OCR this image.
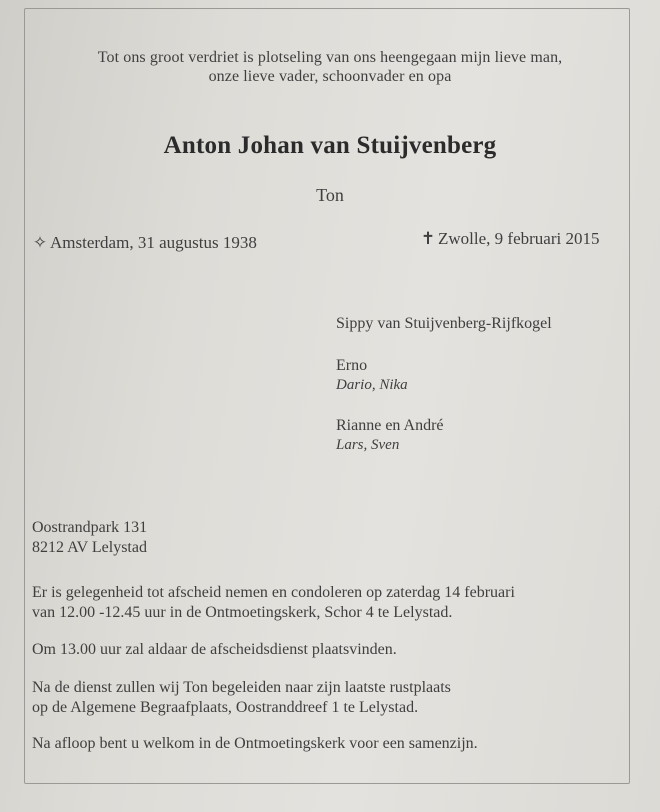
Tot ons groot verdriet is plotseling van ons heengegaan mijn lieve man,
onze lieve vader, schoonvader en opa
Anton Johan van Stuijvenberg
Ton
✧ Amsterdam, 31 augustus 1938	✝ Zwolle, 9 februari 2015
Sippy van Stuijvenberg-Rijfkogel
Erno
Dario, Nika
Rianne en André
Lars, Sven
Oostrandpark 131
8212 AV Lelystad
Er is gelegenheid tot afscheid nemen en condoleren op zaterdag 14 februari
van 12.00 -12.45 uur in de Ontmoetingskerk, Schor 4 te Lelystad.
Om 13.00 uur zal aldaar de afscheidsdienst plaatsvinden.
Na de dienst zullen wij Ton begeleiden naar zijn laatste rustplaats
op de Algemene Begraafplaats, Oostranddreef 1 te Lelystad.
Na afloop bent u welkom in de Ontmoetingskerk voor een samenzijn.
